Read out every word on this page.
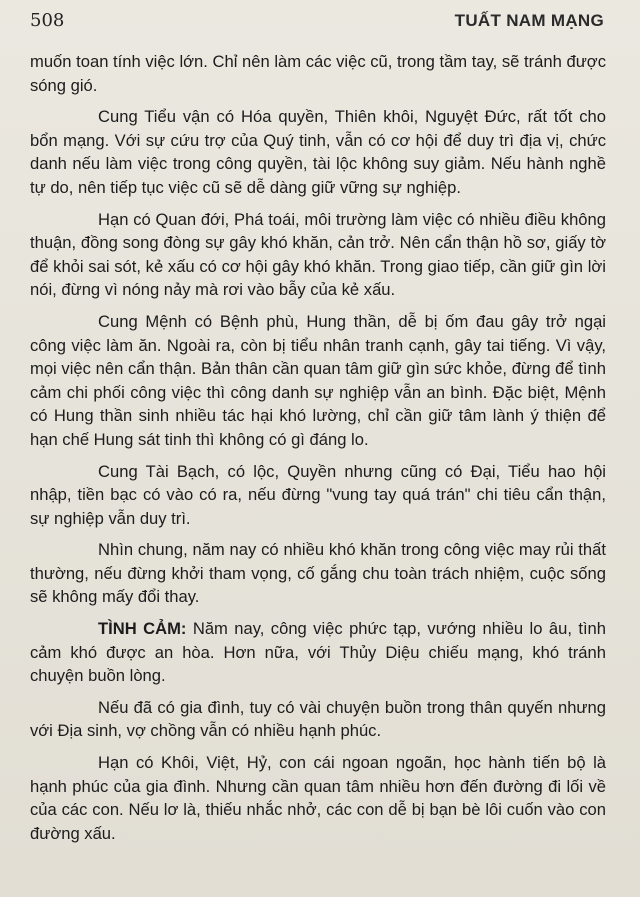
508	TUẤT NAM MẠNG

muốn toan tính việc lớn. Chỉ nên làm các việc cũ, trong tầm tay, sẽ tránh được sóng gió.

Cung Tiểu vận có Hóa quyền, Thiên khôi, Nguyệt Đức, rất tốt cho bổn mạng. Với sự cứu trợ của Quý tinh, vẫn có cơ hội để duy trì địa vị, chức danh nếu làm việc trong công quyền, tài lộc không suy giảm. Nếu hành nghề tự do, nên tiếp tục việc cũ sẽ dễ dàng giữ vững sự nghiệp.

Hạn có Quan đới, Phá toái, môi trường làm việc có nhiều điều không thuận, đồng song đòng sự gây khó khăn, cản trở. Nên cẩn thận hồ sơ, giấy tờ để khỏi sai sót, kẻ xấu có cơ hội gây khó khăn. Trong giao tiếp, cần giữ gìn lời nói, đừng vì nóng nảy mà rơi vào bẫy của kẻ xấu.

Cung Mệnh có Bệnh phù, Hung thần, dễ bị ốm đau gây trở ngại công việc làm ăn. Ngoài ra, còn bị tiểu nhân tranh cạnh, gây tai tiếng. Vì vậy, mọi việc nên cẩn thận. Bản thân cần quan tâm giữ gìn sức khỏe, đừng để tình cảm chi phối công việc thì công danh sự nghiệp vẫn an bình. Đặc biệt, Mệnh có Hung thần sinh nhiều tác hại khó lường, chỉ cần giữ tâm lành ý thiện để hạn chế Hung sát tinh thì không có gì đáng lo.

Cung Tài Bạch, có lộc, Quyền nhưng cũng có Đại, Tiểu hao hội nhập, tiền bạc có vào có ra, nếu đừng "vung tay quá trán" chi tiêu cẩn thận, sự nghiệp vẫn duy trì.

Nhìn chung, năm nay có nhiều khó khăn trong công việc may rủi thất thường, nếu đừng khởi tham vọng, cố gắng chu toàn trách nhiệm, cuộc sống sẽ không mấy đổi thay.

TÌNH CẢM: Năm nay, công việc phức tạp, vướng nhiều lo âu, tình cảm khó được an hòa. Hơn nữa, với Thủy Diệu chiếu mạng, khó tránh chuyện buồn lòng.

Nếu đã có gia đình, tuy có vài chuyện buồn trong thân quyến nhưng với Địa sinh, vợ chồng vẫn có nhiều hạnh phúc.

Hạn có Khôi, Việt, Hỷ, con cái ngoan ngoãn, học hành tiến bộ là hạnh phúc của gia đình. Nhưng cần quan tâm nhiều hơn đến đường đi lối về của các con. Nếu lơ là, thiếu nhắc nhở, các con dễ bị bạn bè lôi cuốn vào con đường xấu.
